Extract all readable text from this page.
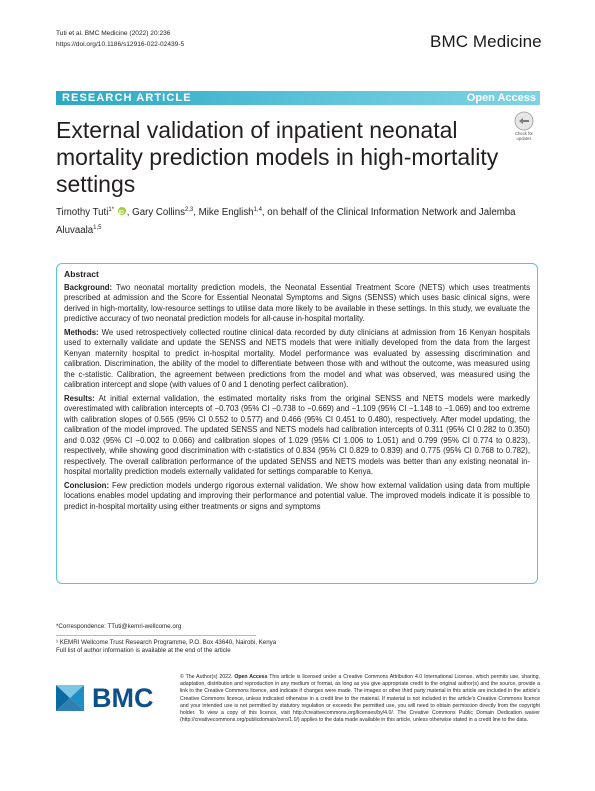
Tuti et al. BMC Medicine (2022) 20:236
https://doi.org/10.1186/s12916-022-02439-5	BMC Medicine
RESEARCH ARTICLE	Open Access
External validation of inpatient neonatal mortality prediction models in high-mortality settings
Check for
updates
Timothy Tuti$^{1*}$ iD , Gary Collins$^{2,3}$, Mike English$^{1,4}$, on behalf of the Clinical Information Network and Jalemba Aluvaala$^{1,5}$
Abstract

Background: Two neonatal mortality prediction models, the Neonatal Essential Treatment Score (NETS) which uses treatments prescribed at admission and the Score for Essential Neonatal Symptoms and Signs (SENSS) which uses basic clinical signs, were derived in high-mortality, low-resource settings to utilise data more likely to be available in these settings. In this study, we evaluate the predictive accuracy of two neonatal prediction models for all-cause in-hospital mortality.

Methods: We used retrospectively collected routine clinical data recorded by duty clinicians at admission from 16 Kenyan hospitals used to externally validate and update the SENSS and NETS models that were initially developed from the data from the largest Kenyan maternity hospital to predict in-hospital mortality. Model performance was evaluated by assessing discrimination and calibration. Discrimination, the ability of the model to differentiate between those with and without the outcome, was measured using the c-statistic. Calibration, the agreement between predictions from the model and what was observed, was measured using the calibration intercept and slope (with values of 0 and 1 denoting perfect calibration).

Results: At initial external validation, the estimated mortality risks from the original SENSS and NETS models were markedly overestimated with calibration intercepts of −0.703 (95% CI −0.738 to −0.669) and −1.109 (95% CI −1.148 to −1.069) and too extreme with calibration slopes of 0.565 (95% CI 0.552 to 0.577) and 0.466 (95% CI 0.451 to 0.480), respectively. After model updating, the calibration of the model improved. The updated SENSS and NETS models had calibration intercepts of 0.311 (95% CI 0.282 to 0.350) and 0.032 (95% CI −0.002 to 0.066) and calibration slopes of 1.029 (95% CI 1.006 to 1.051) and 0.799 (95% CI 0.774 to 0.823), respectively, while showing good discrimination with c-statistics of 0.834 (95% CI 0.829 to 0.839) and 0.775 (95% CI 0.768 to 0.782), respectively. The overall calibration performance of the updated SENSS and NETS models was better than any existing neonatal in-hospital mortality prediction models externally validated for settings comparable to Kenya.

Conclusion: Few prediction models undergo rigorous external validation. We show how external validation using data from multiple locations enables model updating and improving their performance and potential value. The improved models indicate it is possible to predict in-hospital mortality using either treatments or signs and symptoms

*Correspondence: TTuti@kemri-wellcome.org
¹ KEMRI Wellcome Trust Research Programme, P.O. Box 43640, Nairobi, Kenya
Full list of author information is available at the end of the article
BMC
© The Author(s) 2022. Open Access This article is licensed under a Creative Commons Attribution 4.0 International License, which permits use, sharing, adaptation, distribution and reproduction in any medium or format, as long as you give appropriate credit to the original author(s) and the source, provide a link to the Creative Commons licence, and indicate if changes were made. The images or other third party material in this article are included in the article's Creative Commons licence, unless indicated otherwise in a credit line to the material. If material is not included in the article's Creative Commons licence and your intended use is not permitted by statutory regulation or exceeds the permitted use, you will need to obtain permission directly from the copyright holder. To view a copy of this licence, visit http://creativecommons.org/licenses/by/4.0/. The Creative Commons Public Domain Dedication waiver (http://creativecommons.org/publicdomain/zero/1.0/) applies to the data made available in this article, unless otherwise stated in a credit line to the data.
